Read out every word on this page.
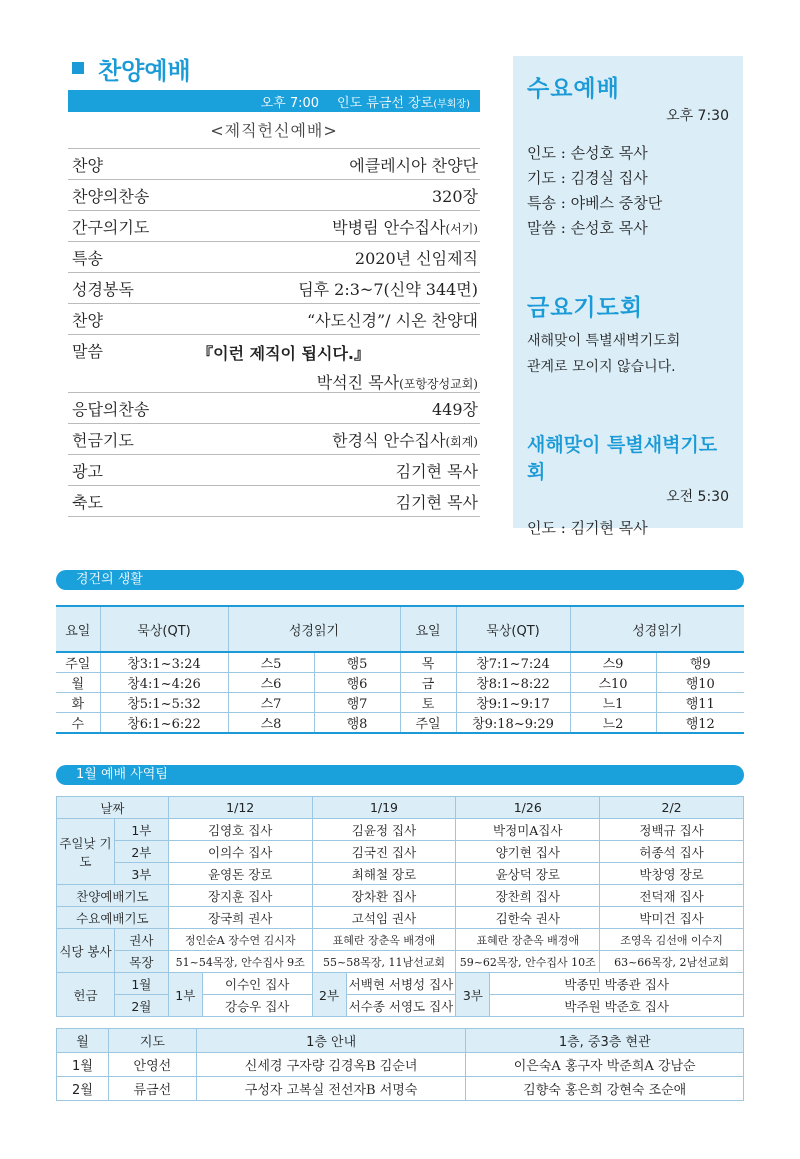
찬양예배
오후 7:00 인도 류금선 장로(부회장)
<제직헌신예배>
찬양	에클레시아 찬양단
찬양의찬송	320장
간구의기도	박병림 안수집사(서기)
특송	2020년 신임제직
성경봉독	딤후 2:3~7(신약 344면)
찬양	“사도신경”/ 시온 찬양대
말씀	『이런 제직이 됩시다.』
박석진 목사(포항장성교회)
응답의찬송	449장
헌금기도	한경식 안수집사(회계)
광고	김기현 목사
축도	김기현 목사
수요예배
오후 7:30
인도 : 손성호 목사
기도 : 김경실 집사
특송 : 야베스 중창단
말씀 : 손성호 목사
금요기도회
새해맞이 특별새벽기도회
관계로 모이지 않습니다.
새해맞이 특별새벽기도회
오전 5:30
인도 : 김기현 목사
경건의 생활
요일	묵상(QT)	성경읽기		요일	묵상(QT)	성경읽기	
주일	창3:1~3:24	스5	행5	목	창7:1~7:24	스9	행9
월	창4:1~4:26	스6	행6	금	창8:1~8:22	스10	행10
화	창5:1~5:32	스7	행7	토	창9:1~9:17	느1	행11
수	창6:1~6:22	스8	행8	주일	창9:18~9:29	느2	행12
1월 예배 사역팀
날짜		1/12		1/19		1/26		2/2
주일낮 기도	1부	김영호 집사		김윤정 집사		박정미A집사		정백규 집사
	2부	이의수 집사		김국진 집사		양기현 집사		허종석 집사
	3부	윤영돈 장로		최해철 장로		윤상덕 장로		박창영 장로
찬양예배기도		장지훈 집사		장차환 집사		장찬희 집사		전덕재 집사
수요예배기도		장국희 권사		고석임 권사		김한숙 권사		박미건 집사
식당 봉사	권사	정인순A 장수연 김시자		표혜란 장춘옥 배경애		표혜란 장춘옥 배경애		조영옥 김선애 이수지
	목장	51~54목장, 안수집사 9조		55~58목장, 11남선교회		59~62목장, 안수집사 10조		63~66목장, 2남선교회
헌금	1월	1부	이수인 집사	2부	서백현 서병성 집사	3부	박종민 박종관 집사	
	2월		강승우 집사		서수종 서영도 집사		박주원 박준호 집사	
월	지도	1층 안내	1층, 중3층 현관
1월	안영선	신세경 구자량 김경옥B 김순녀	이은숙A 홍구자 박준희A 강남순
2월	류금선	구성자 고복실 전선자B 서명숙	김향숙 홍은희 강현숙 조순애
